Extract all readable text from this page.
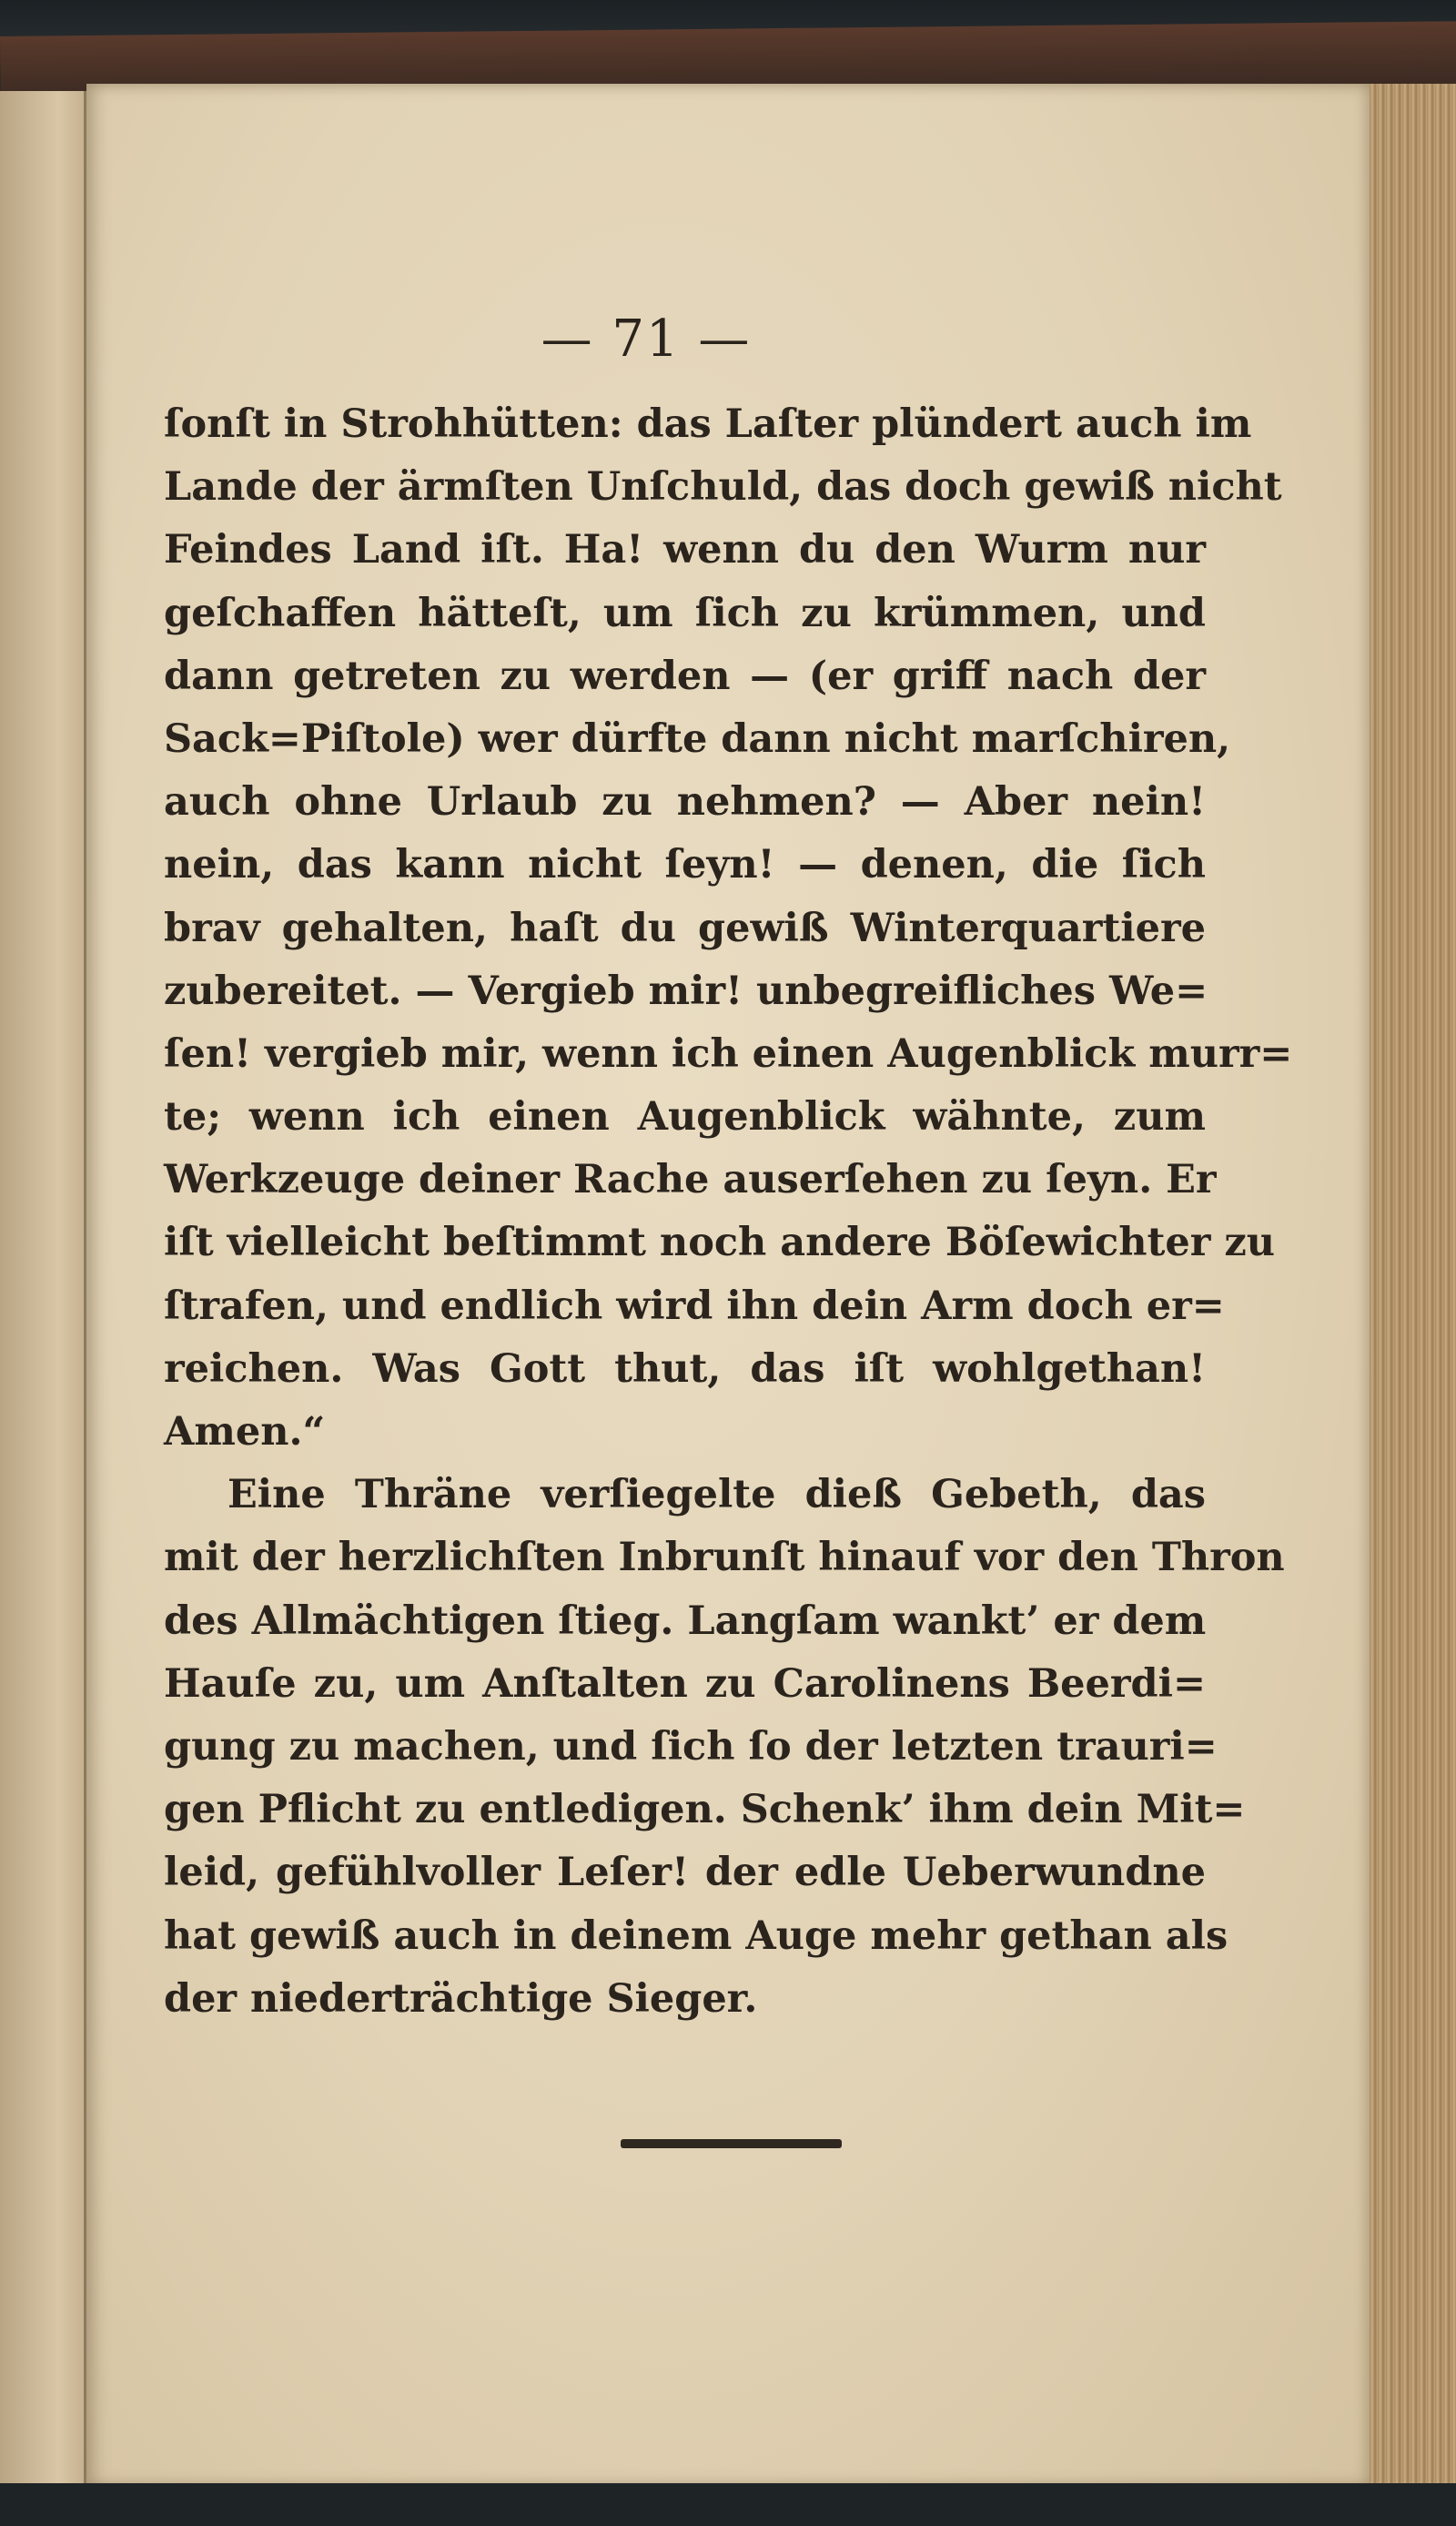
— 71 —
ſonſt in Strohhütten: das Laſter plündert auch im
Lande der ärmſten Unſchuld, das doch gewiß nicht
Feindes Land iſt. Ha! wenn du den Wurm nur
geſchaffen hätteſt, um ſich zu krümmen, und
dann getreten zu werden — (er griff nach der
Sack=Piſtole) wer dürfte dann nicht marſchiren,
auch ohne Urlaub zu nehmen? — Aber nein!
nein, das kann nicht ſeyn! — denen, die ſich
brav gehalten, haſt du gewiß Winterquartiere
zubereitet. — Vergieb mir! unbegreifliches We=
ſen! vergieb mir, wenn ich einen Augenblick murr=
te; wenn ich einen Augenblick wähnte, zum
Werkzeuge deiner Rache auserſehen zu ſeyn. Er
iſt vielleicht beſtimmt noch andere Böſewichter zu
ſtrafen, und endlich wird ihn dein Arm doch er=
reichen. Was Gott thut, das iſt wohlgethan!
Amen.“
Eine Thräne verſiegelte dieß Gebeth, das
mit der herzlichſten Inbrunſt hinauf vor den Thron
des Allmächtigen ſtieg. Langſam wankt’ er dem
Hauſe zu, um Anſtalten zu Carolinens Beerdi=
gung zu machen, und ſich ſo der letzten trauri=
gen Pflicht zu entledigen. Schenk’ ihm dein Mit=
leid, gefühlvoller Leſer! der edle Ueberwundne
hat gewiß auch in deinem Auge mehr gethan als
der niederträchtige Sieger.
